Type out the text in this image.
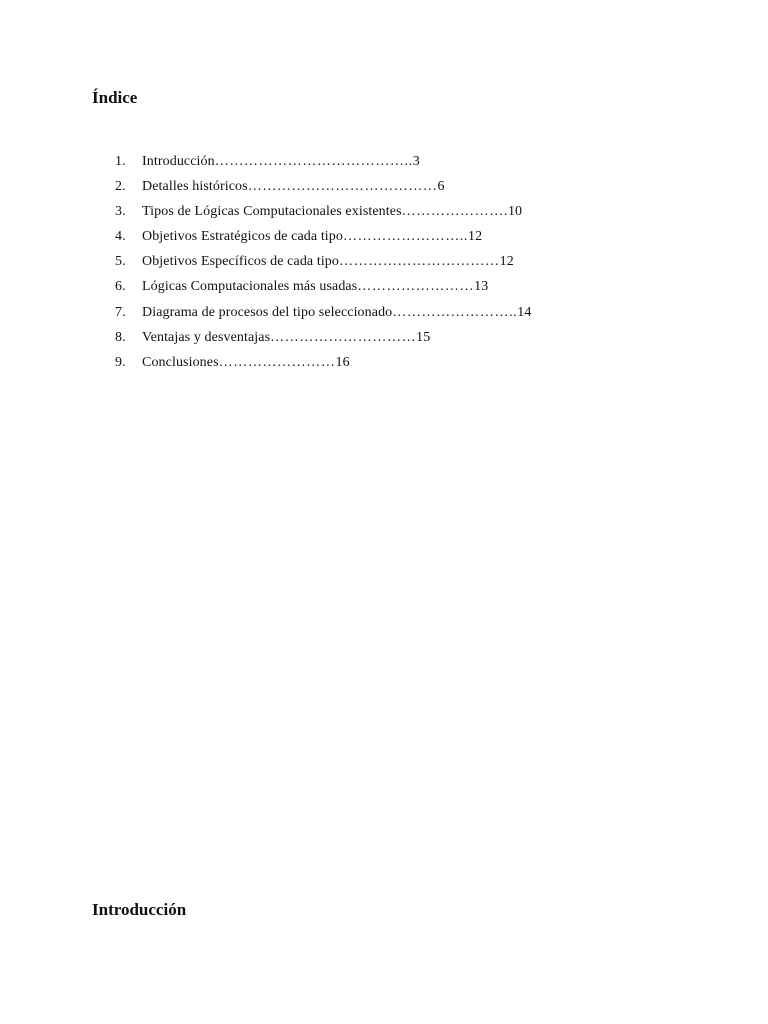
Índice
1.	Introducción ………………………………….. 3
2.	Detalles históricos ………………………………… 6
3.	Tipos de Lógicas Computacionales existentes …………………. 10
4.	Objetivos Estratégicos de cada tipo …………………….. 12
5.	Objetivos Específicos de cada tipo …………………………… 12
6.	Lógicas Computacionales más usadas …………………… 13
7.	Diagrama de procesos del tipo seleccionado …………………….. 14
8.	Ventajas y desventajas ………………………… 15
9.	Conclusiones …………………… 16
Introducción
